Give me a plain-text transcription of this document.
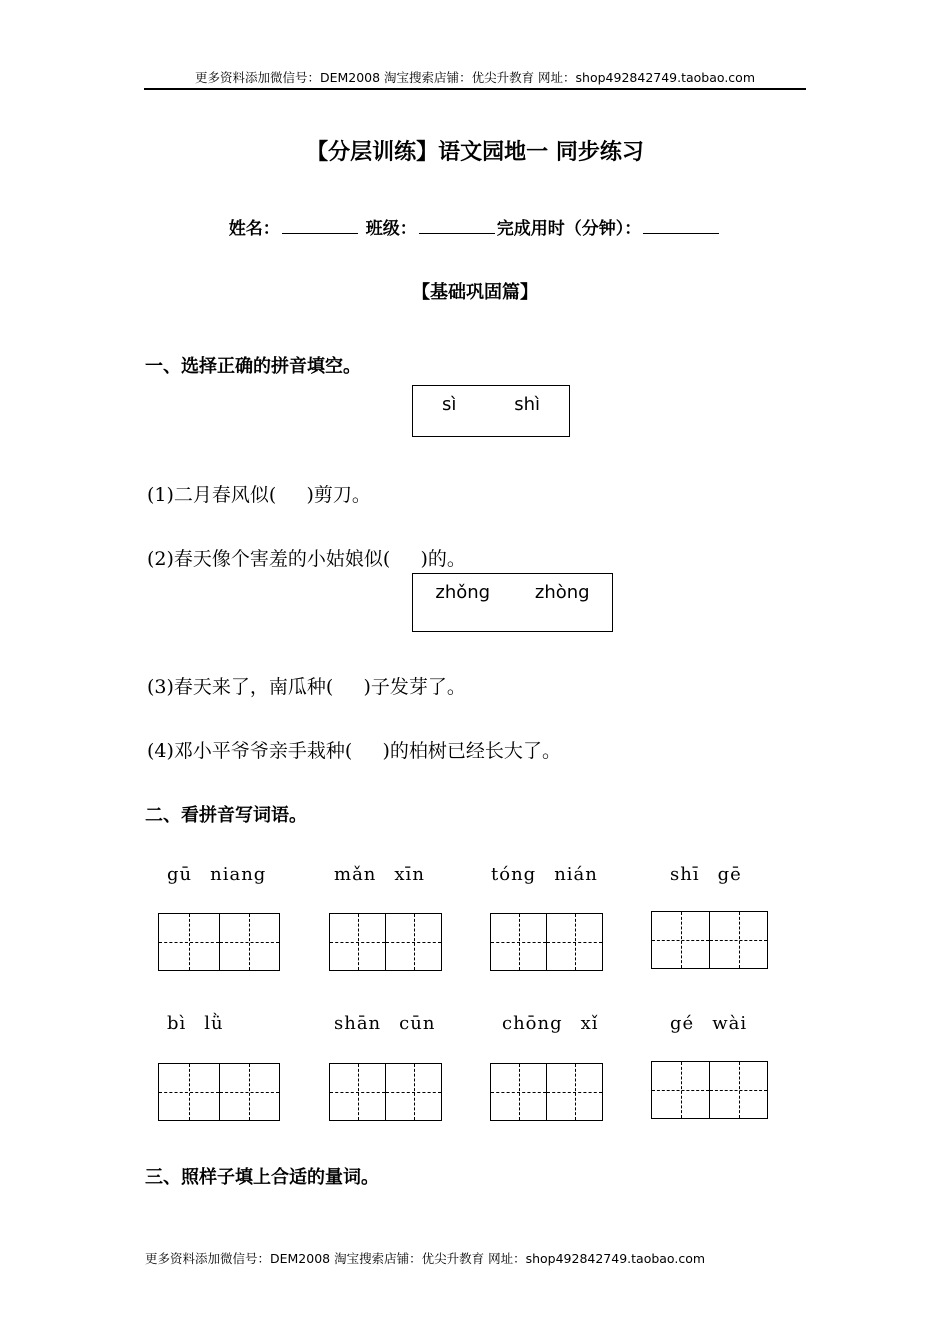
更多资料添加微信号：DEM2008 淘宝搜索店铺：优尖升教育 网址：shop492842749.taobao.com
【分层训练】语文园地一 同步练习
姓名：	班级：	完成用时（分钟）：
【基础巩固篇】
一、选择正确的拼音填空。
sì	shì
(1)二月春风似(     )剪刀。
(2)春天像个害羞的小姑娘似(     )的。
zhǒng zhòng
(3)春天来了，南瓜种(     )子发芽了。
(4)邓小平爷爷亲手栽种(     )的柏树已经长大了。
二、看拼音写词语。
gū niang	mǎn xīn	tóng nián	shī gē
bì lǜ	shān cūn	chōng xǐ	gé wài
三、照样子填上合适的量词。
更多资料添加微信号：DEM2008 淘宝搜索店铺：优尖升教育 网址：shop492842749.taobao.com
